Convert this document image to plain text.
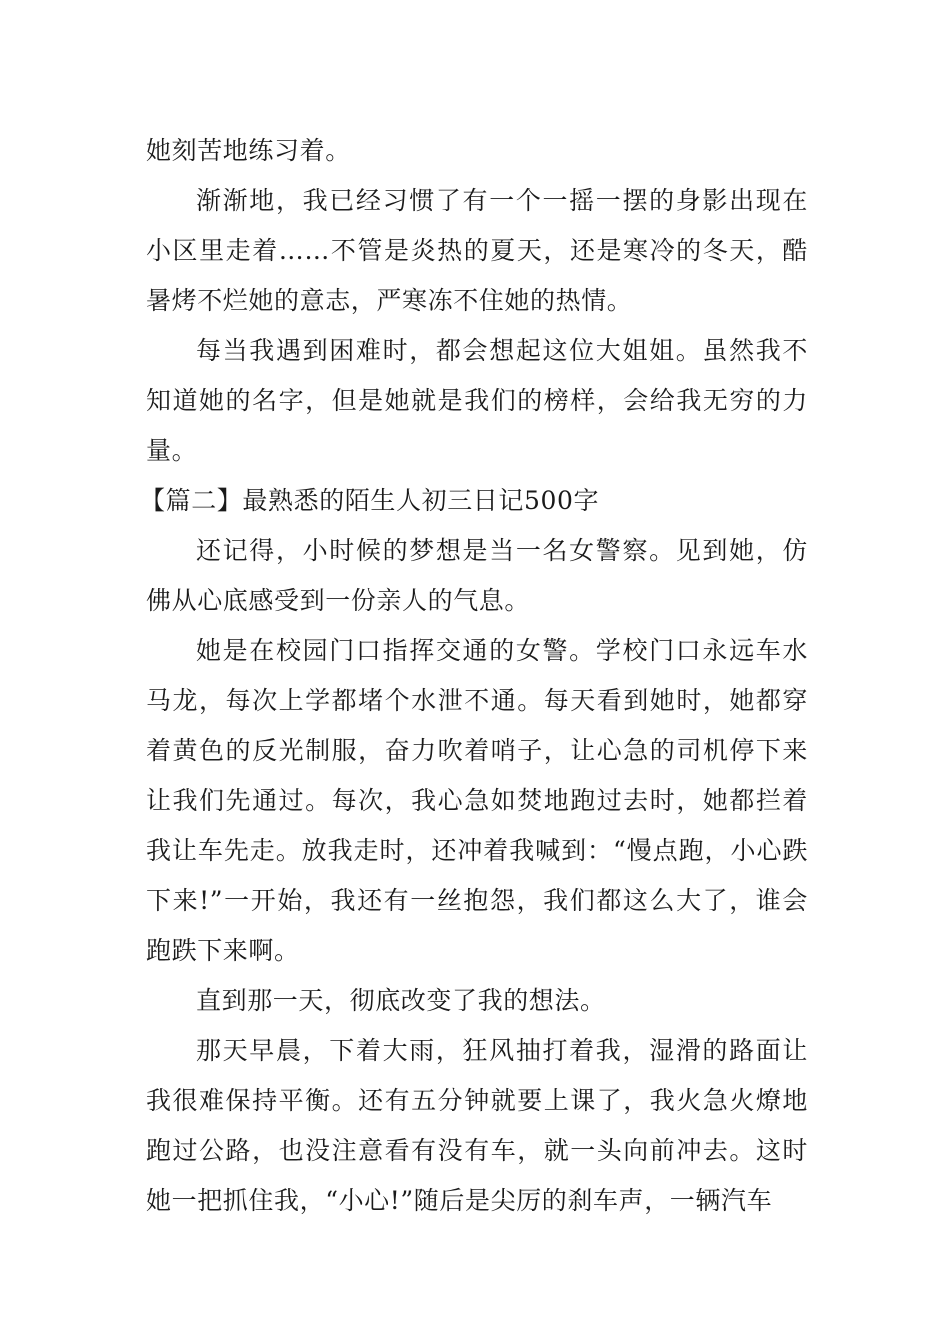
她刻苦地练习着。

渐渐地，我已经习惯了有一个一摇一摆的身影出现在小区里走着……不管是炎热的夏天，还是寒冷的冬天，酷暑烤不烂她的意志，严寒冻不住她的热情。

每当我遇到困难时，都会想起这位大姐姐。虽然我不知道她的名字，但是她就是我们的榜样，会给我无穷的力量。

【篇二】最熟悉的陌生人初三日记500字

还记得，小时候的梦想是当一名女警察。见到她，仿佛从心底感受到一份亲人的气息。

她是在校园门口指挥交通的女警。学校门口永远车水马龙，每次上学都堵个水泄不通。每天看到她时，她都穿着黄色的反光制服，奋力吹着哨子，让心急的司机停下来让我们先通过。每次，我心急如焚地跑过去时，她都拦着我让车先走。放我走时，还冲着我喊到：“慢点跑，小心跌下来!”一开始，我还有一丝抱怨，我们都这么大了，谁会跑跌下来啊。

直到那一天，彻底改变了我的想法。

那天早晨，下着大雨，狂风抽打着我，湿滑的路面让我很难保持平衡。还有五分钟就要上课了，我火急火燎地跑过公路，也没注意看有没有车，就一头向前冲去。这时她一把抓住我，“小心!”随后是尖厉的刹车声，一辆汽车
